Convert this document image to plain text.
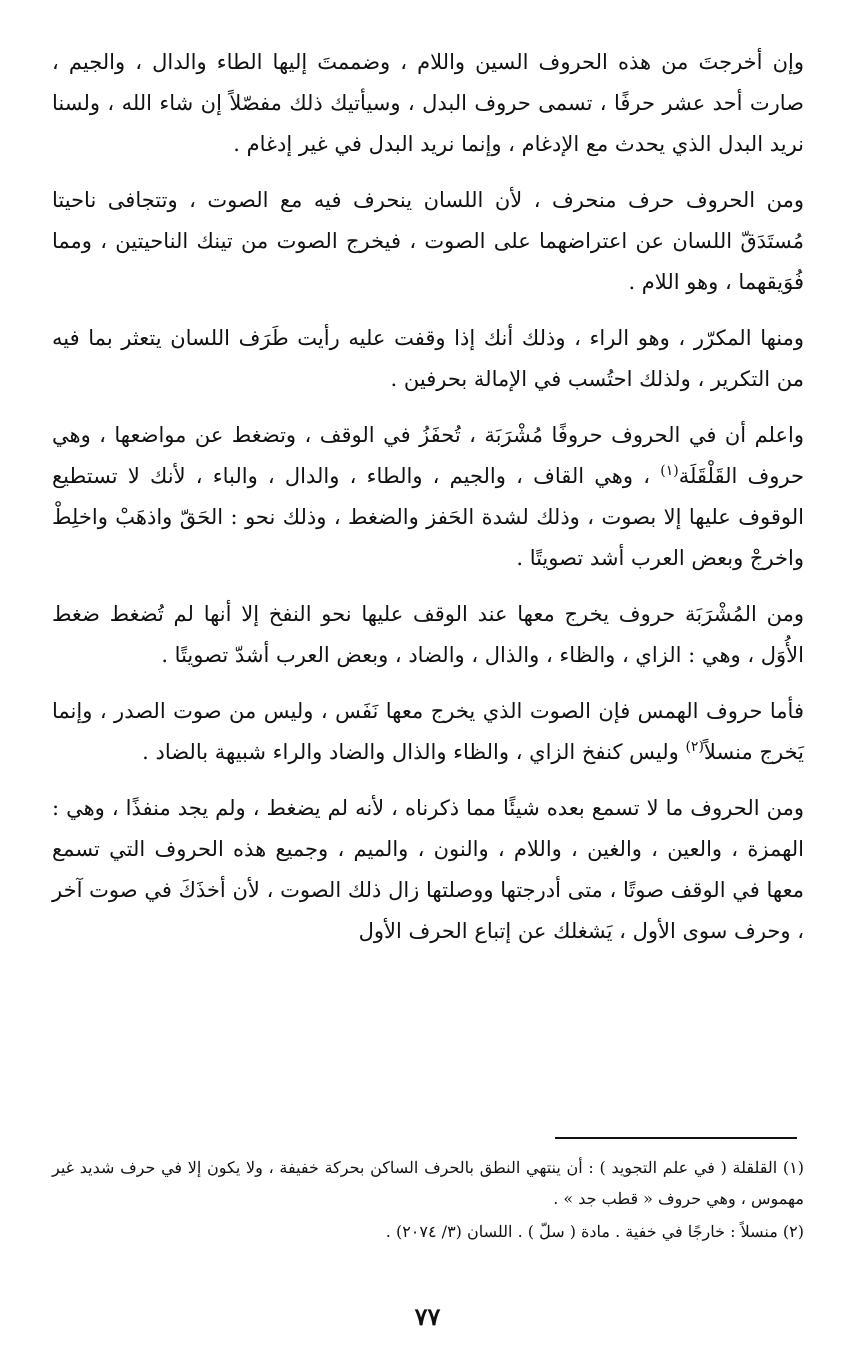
وإن أخرجتَ من هذه الحروف السين واللام ، وضممتَ إليها الطاء والدال ، والجيم ، صارت أحد عشر حرفًا ، تسمى حروف البدل ، وسيأتيك ذلك مفصّلاً إن شاء الله ، ولسنا نريد البدل الذي يحدث مع الإدغام ، وإنما نريد البدل في غير إدغام .

ومن الحروف حرف منحرف ، لأن اللسان ينحرف فيه مع الصوت ، وتتجافى ناحيتا مُستَدَقّ اللسان عن اعتراضهما على الصوت ، فيخرج الصوت من تينك الناحيتين ، ومما فُوَيقهما ، وهو اللام .

ومنها المكرّر ، وهو الراء ، وذلك أنك إذا وقفت عليه رأيت طَرَف اللسان يتعثر بما فيه من التكرير ، ولذلك احتُسب في الإمالة بحرفين .

واعلم أن في الحروف حروفًا مُشْرَبَة ، تُحفَزُ في الوقف ، وتضغط عن مواضعها ، وهي حروف القَلْقَلَة$^{(١)}$ ، وهي القاف ، والجيم ، والطاء ، والدال ، والباء ، لأنك لا تستطيع الوقوف عليها إلا بصوت ، وذلك لشدة الحَفز والضغط ، وذلك نحو : الحَقّ واذهَبْ واخلِطْ واخرجْ وبعض العرب أشد تصويتًا .

ومن المُشْرَبَة حروف يخرج معها عند الوقف عليها نحو النفخ إلا أنها لم تُضغط ضغط الأُوَل ، وهي : الزاي ، والظاء ، والذال ، والضاد ، وبعض العرب أشدّ تصويتًا .

فأما حروف الهمس فإن الصوت الذي يخرج معها نَفَس ، وليس من صوت الصدر ، وإنما يَخرج منسلاً$^{(٢)}$ وليس كنفخ الزاي ، والظاء والذال والضاد والراء شبيهة بالضاد .

ومن الحروف ما لا تسمع بعده شيئًا مما ذكرناه ، لأنه لم يضغط ، ولم يجد منفذًا ، وهي : الهمزة ، والعين ، والغين ، واللام ، والنون ، والميم ، وجميع هذه الحروف التي تسمع معها في الوقف صوتًا ، متى أدرجتها ووصلتها زال ذلك الصوت ، لأن أخذَكَ في صوت آخر ، وحرف سوى الأول ، يَشغلك عن إتباع الحرف الأول

(١) القلقلة ( في علم التجويد ) : أن ينتهي النطق بالحرف الساكن بحركة خفيفة ، ولا يكون إلا في حرف شديد غير مهموس ، وهي حروف « قطب جد » .

(٢) منسلاً : خارجًا في خفية . مادة ( سلّ ) . اللسان (٣/ ٢٠٧٤) .

٧٧
